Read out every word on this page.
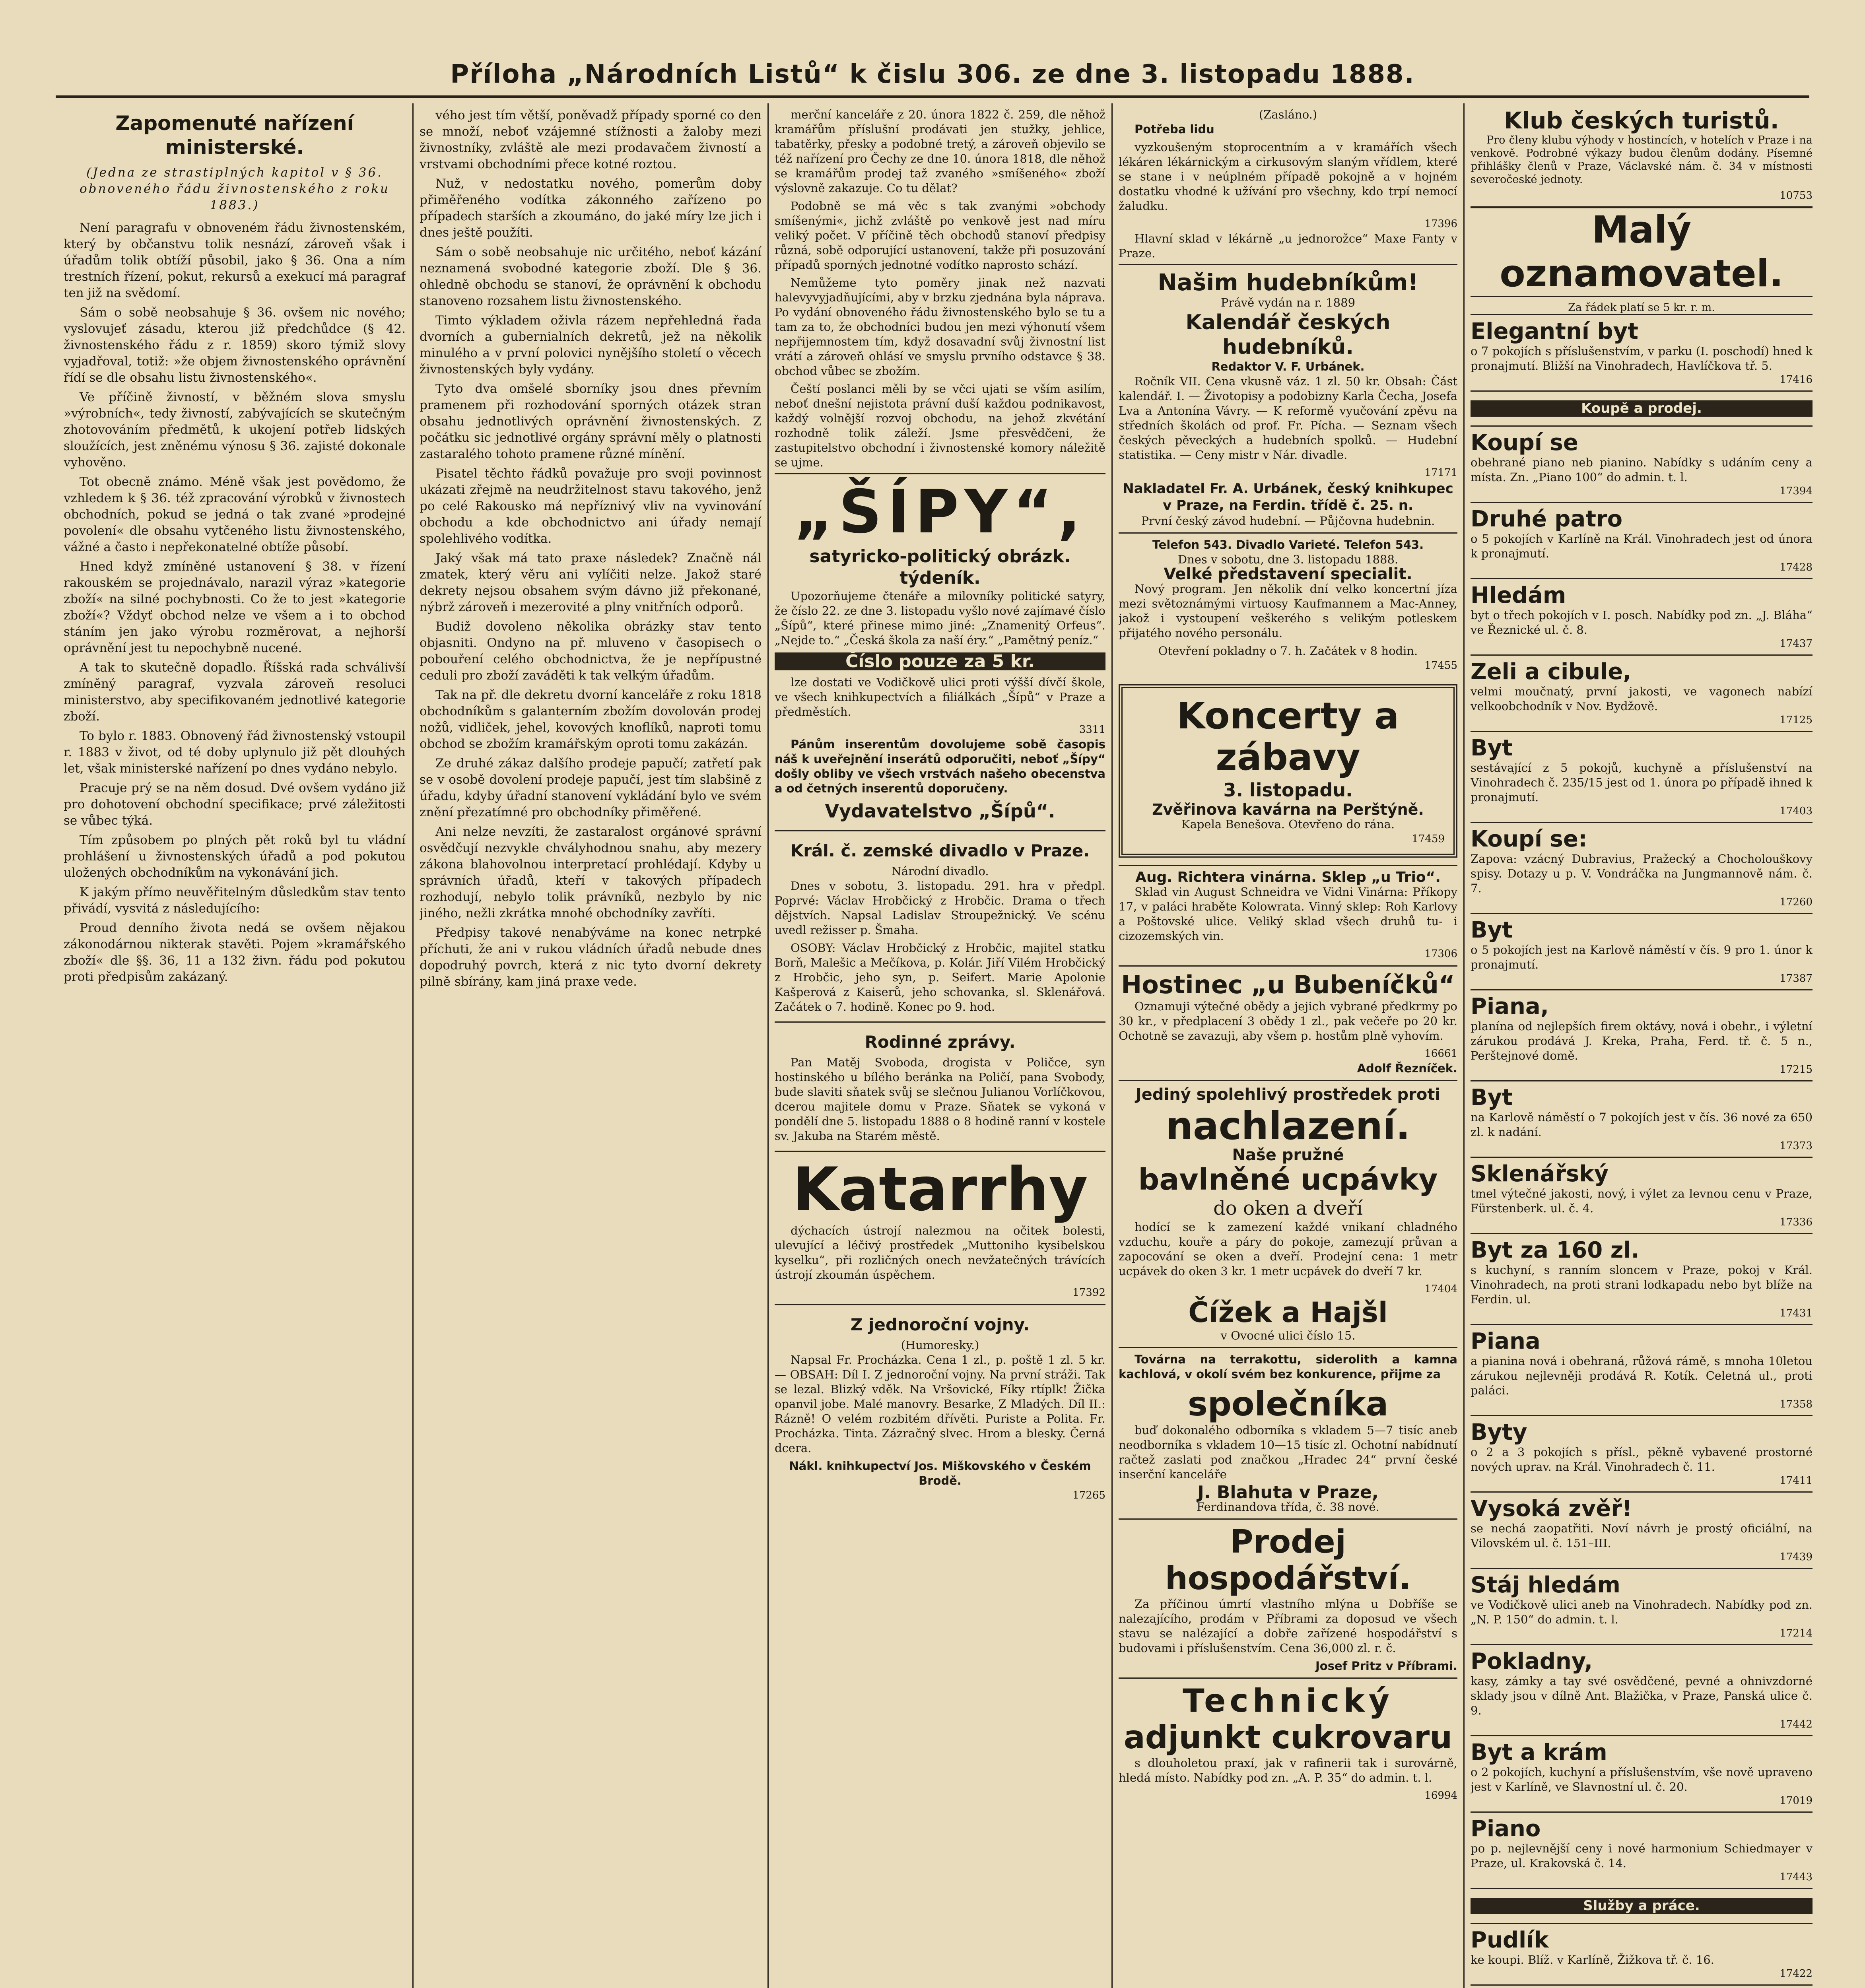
Příloha „Národních Listů“ k čislu 306. ze dne 3. listopadu 1888.
Zapomenuté nařízení ministerské.
(Jedna ze strastiplných kapitol v § 36. obnoveného řádu živnostenského z roku 1883.)

Není paragrafu v obnoveném řádu živnostenském, který by občanstvu tolik nesnází, zároveň však i úřadům tolik obtíží působil, jako § 36. Ona a ním trestních řízení, pokut, rekursů a exekucí má paragraf ten již na svědomí.

Sám o sobě neobsahuje § 36. ovšem nic nového; vyslovujeť zásadu, kterou již předchůdce (§ 42. živnostenského řádu z r. 1859) skoro týmiž slovy vyjadřoval, totiž: »že objem živnostenského oprávnění řídí se dle obsahu listu živnostenského«.

Ve příčině živností, v běžném slova smyslu »výrobních«, tedy živností, zabývajících se skutečným zhotovováním předmětů, k ukojení potřeb lidských sloužících, jest zněnému výnosu § 36. zajisté dokonale vyhověno.

Tot obecně známo. Méně však jest povědomo, že vzhledem k § 36. též zpracování výrobků v živnostech obchodních, pokud se jedná o tak zvané »prodejné povolení« dle obsahu vytčeného listu živnostenského, vážné a často i nepřekonatelné obtíže působí.

Hned když zmíněné ustanovení § 38. v řízení rakouském se projednávalo, narazil výraz »kategorie zboží« na silné pochybnosti. Co že to jest »kategorie zboží«? Vždyť obchod nelze ve všem a i to obchod stáním jen jako výrobu rozměrovat, a nejhorší oprávnění jest tu nepochybně nucené.

A tak to skutečně dopadlo. Říšská rada schválivší zmíněný paragraf, vyzvala zároveň resoluci ministerstvo, aby specifikovaném jednotlivé kategorie zboží.

To bylo r. 1883. Obnovený řád živnostenský vstoupil r. 1883 v život, od té doby uplynulo již pět dlouhých let, však ministerské nařízení po dnes vydáno nebylo.

Pracuje prý se na něm dosud. Dvé ovšem vydáno již pro dohotovení obchodní specifikace; prvé záležitosti se vůbec týká.

Tím způsobem po plných pět roků byl tu vládní prohlášení u živnostenských úřadů a pod pokutou uložených obchodníkům na vykonávání jich.

K jakým přímo neuvěřitelným důsledkům stav tento přivádí, vysvitá z následujícího:

Proud denního života nedá se ovšem nějakou zákonodárnou nikterak stavěti. Pojem »kramářského zboží« dle §§. 36, 11 a 132 živn. řádu pod pokutou proti předpisům zakázaný.

vého jest tím větší, poněvadž případy sporné co den se množí, neboť vzájemné stížnosti a žaloby mezi živnostníky, zvláště ale mezi prodavačem živností a vrstvami obchodními přece kotné roztou.

Nuž, v nedostatku nového, pomerům doby přiměřeného vodítka zákonného zařízeno po případech starších a zkoumáno, do jaké míry lze jich i dnes ještě použíti.

Sám o sobě neobsahuje nic určitého, neboť kázání neznamená svobodné kategorie zboží. Dle § 36. ohledně obchodu se stanoví, že oprávnění k obchodu stanoveno rozsahem listu živnostenského.

Timto výkladem oživla rázem nepřehledná řada dvorních a gubernialních dekretů, jež na několik minulého a v první polovici nynějšího století o věcech živnostenských byly vydány.

Tyto dva omšelé sborníky jsou dnes převním pramenem při rozhodování sporných otázek stran obsahu jednotlivých oprávnění živnostenských. Z počátku sic jednotlivé orgány správní měly o platnosti zastaralého tohoto pramene různé mínění.

Pisatel těchto řádků považuje pro svoji povinnost ukázati zřejmě na neudržitelnost stavu takového, jenž po celé Rakousko má nepříznivý vliv na vyvinování obchodu a kde obchodnictvo ani úřady nemají spolehlivého vodítka.

Jaký však má tato praxe následek? Značně nál zmatek, který věru ani vylíčiti nelze. Jakož staré dekrety nejsou obsahem svým dávno již překonané, nýbrž zároveň i mezerovité a plny vnitřních odporů.

Budiž dovoleno několika obrázky stav tento objasniti. Ondyno na př. mluveno v časopisech o pobouření celého obchodnictva, že je nepřípustné ceduli pro zboží zaváděti k tak velkým úřadům.

Tak na př. dle dekretu dvorní kanceláře z roku 1818 obchodníkům s galanterním zbožím dovolován prodej nožů, vidliček, jehel, kovových knoflíků, naproti tomu obchod se zbožím kramářským oproti tomu zakázán.

Ze druhé zákaz dalšího prodeje papučí; zatřetí pak se v osobě dovolení prodeje papučí, jest tím slabšině z úřadu, kdyby úřadní stanovení vykládání bylo ve svém znění přezatímné pro obchodníky přiměřené.

Ani nelze nevzíti, že zastaralost orgánové správní osvědčují nezvykle chvályhodnou snahu, aby mezery zákona blahovolnou interpretací prohlédají. Kdyby u správních úřadů, kteří v takových případech rozhodují, nebylo tolik právníků, nezbylo by nic jiného, nežli zkrátka mnohé obchodníky zavříti.

Předpisy takové nenabýváme na konec netrpké příchuti, že ani v rukou vládních úřadů nebude dnes dopodruhý povrch, která z nic tyto dvorní dekrety pilně sbírány, kam jiná praxe vede.

merční kanceláře z 20. února 1822 č. 259, dle něhož kramářům příslušní prodávati jen stužky, jehlice, tabatěrky, přesky a podobné tretý, a zároveň objevilo se též nařízení pro Čechy ze dne 10. února 1818, dle něhož se kramářům prodej taž zvaného »smíšeného« zboží výslovně zakazuje. Co tu dělat?

Podobně se má věc s tak zvanými »obchody smíšenými«, jichž zvláště po venkově jest nad míru veliký počet. V příčině těch obchodů stanoví předpisy různá, sobě odporující ustanovení, takže při posuzování případů sporných jednotné vodítko naprosto schází.

Nemůžeme tyto poměry jinak než nazvati halevyvyjadňujícími, aby v brzku zjednána byla náprava. Po vydání obnoveného řádu živnostenského bylo se tu a tam za to, že obchodníci budou jen mezi výhonutí všem nepřijemnostem tím, když dosavadní svůj živnostní list vrátí a zároveň ohlásí ve smyslu prvního odstavce § 38. obchod vůbec se zbožím.

Čeští poslanci měli by se včci ujati se vším asilím, neboť dnešní nejistota právní duší každou podnikavost, každý volnější rozvoj obchodu, na jehož zkvétání rozhodně tolik záleží. Jsme přesvědčeni, že zastupitelstvo obchodní i živnostenské komory náležitě se ujme.

„ŠÍPY“,
satyricko-politický obrázk. týdeník.

Upozorňujeme čtenáře a milovníky politické satyry, že číslo 22. ze dne 3. listopadu vyšlo nové zajímavé číslo „Šípů“, které přinese mimo jiné: „Znamenitý Orfeus“. „Nejde to.“ „Česká škola za naší éry.“ „Pamětný peníz.“

Číslo pouze za 5 kr.

lze dostati ve Vodičkově ulici proti výšší dívčí škole, ve všech knihkupectvích a filiálkách „Šípů“ v Praze a předměstích.

3311

Pánům inserentům dovolujeme sobě časopis náš k uveřejnění inserátů odporučiti, neboť „Šípy“ došly obliby ve všech vrstvách našeho obecenstva a od četných inserentů doporučeny.

Vydavatelstvo „Šípů“.
Král. č. zemské divadlo v Praze.
Národní divadlo.

Dnes v sobotu, 3. listopadu. 291. hra v předpl. Poprvé: Václav Hrobčický z Hrobčic. Drama o třech dějstvích. Napsal Ladislav Stroupežnický. Ve scénu uvedl režisser p. Šmaha.

OSOBY: Václav Hrobčický z Hrobčic, majitel statku Borň, Malešic a Mečíkova, p. Kolár. Jiří Vilém Hrobčický z Hrobčic, jeho syn, p. Seifert. Marie Apolonie Kašperová z Kaiserů, jeho schovanka, sl. Sklenářová. Začátek o 7. hodině. Konec po 9. hod.

Rodinné zprávy.

Pan Matěj Svoboda, drogista v Poličce, syn hostinského u bílého beránka na Poličí, pana Svobody, bude slaviti sňatek svůj se slečnou Julianou Vorlíčkovou, dcerou majitele domu v Praze. Sňatek se vykoná v pondělí dne 5. listopadu 1888 o 8 hodině ranní v kostele sv. Jakuba na Starém městě.

Katarrhy

dýchacích ústrojí nalezmou na očitek bolesti, ulevující a léčivý prostředek „Muttoniho kysibelskou kyselku“, při rozličných onech nevžatečných trávících ústrojí zkoumán úspěchem.

17392
Z jednoroční vojny.
(Humoresky.)

Napsal Fr. Procházka. Cena 1 zl., p. poště 1 zl. 5 kr. — OBSAH: Díl I. Z jednoroční vojny. Na první stráži. Tak se lezal. Blizký vděk. Na Vršovické, Fíky rtíplk! Žička opanvil jobe. Malé manovry. Besarke, Z Mladých. Díl II.: Rázně! O velém rozbitém dřívěti. Puriste a Polita. Fr. Procházka. Tinta. Zázračný slvec. Hrom a blesky. Černá dcera.

Nákl. knihkupectví Jos. Miškovského v Českém Brodě.
17265
(Zasláno.)

Potřeba lidu

vyzkoušeným stoprocentním a v kramářích všech lékáren lékárnickým a cirkusovým slaným vřídlem, které se stane i v neúplném případě pokojně a v hojném dostatku vhodné k užívání pro všechny, kdo trpí nemocí žaludku.

17396

Hlavní sklad v lékárně „u jednorožce“ Maxe Fanty v Praze.

Našim hudebníkům!
Právě vydán na r. 1889
Kalendář českých hudebníků.
Redaktor V. F. Urbánek.

Ročník VII. Cena vkusně váz. 1 zl. 50 kr. Obsah: Část kalendář. I. — Životopisy a podobizny Karla Čecha, Josefa Lva a Antonína Vávry. — K reformě vyučování zpěvu na středních školách od prof. Fr. Pícha. — Seznam všech českých pěveckých a hudebních spolků. — Hudební statistika. — Ceny mistr v Nár. divadle.

17171
Nakladatel Fr. A. Urbánek, český knihkupec v Praze, na Ferdin. třídě č. 25. n.
První český závod hudební. — Půjčovna hudebnin.
Telefon 543. Divadlo Varieté. Telefon 543.
Dnes v sobotu, dne 3. listopadu 1888.
Velké představení specialit.

Nový program. Jen několik dní velko koncertní jíza mezi světoznámými virtuosy Kaufmannem a Mac-Anney, jakož i vystoupení veškerého s velikým potleskem přijatého nového personálu.

Otevření pokladny o 7. h. Začátek v 8 hodin.
17455
Koncerty a zábavy
3. listopadu.
Zvěřinova kavárna na Perštýně.
Kapela Benešova. Otevřeno do rána.
17459
Aug. Richtera vinárna. Sklep „u Trio“.

Sklad vin August Schneidra ve Vidni Vinárna: Příkopy 17, v paláci hraběte Kolowrata. Vinný sklep: Roh Karlovy a Poštovské ulice. Veliký sklad všech druhů tu- i cizozemských vin.

17306
Hostinec „u Bubeníčků“

Oznamuji výtečné obědy a jejich vybrané předkrmy po 30 kr., v předplacení 3 obědy 1 zl., pak večeře po 20 kr. Ochotně se zavazuji, aby všem p. hostům plně vyhovím.

16661
Adolf Řezníček.
Jediný spolehlivý prostředek proti
nachlazení.
Naše pružné
bavlněné ucpávky
do oken a dveří

hodící se k zamezení každé vnikaní chladného vzduchu, kouře a páry do pokoje, zamezují průvan a zapocování se oken a dveří. Prodejní cena: 1 metr ucpávek do oken 3 kr. 1 metr ucpávek do dveří 7 kr.

17404
Čížek a Hajšl
v Ovocné ulici číslo 15.

Továrna na terrakottu, siderolith a kamna kachlová, v okolí svém bez konkurence, přijme za

společníka

buď dokonalého odborníka s vkladem 5—7 tisíc aneb neodborníka s vkladem 10—15 tisíc zl. Ochotní nabídnutí račtež zaslati pod značkou „Hradec 24“ první české inserční kanceláře

J. Blahuta v Praze,
Ferdinandova třída, č. 38 nové.
Prodej hospodářství.

Za příčinou úmrtí vlastního mlýna u Dobříše se nalezajícího, prodám v Příbrami za doposud ve všech stavu se nalézající a dobře zařízené hospodářství s budovami i příslušenstvím. Cena 36,000 zl. r. č.

Josef Pritz v Příbrami.
Technický
adjunkt cukrovaru

s dlouholetou praxí, jak v rafinerii tak i surovárně, hledá místo. Nabídky pod zn. „A. P. 35“ do admin. t. l.

16994
Klub českých turistů.

Pro členy klubu výhody v hostincích, v hotelích v Praze i na venkově. Podrobné výkazy budou členům dodány. Písemné přihlášky členů v Praze, Václavské nám. č. 34 v místnosti severočeské jednoty.

10753
Malý oznamovatel.
Za řádek platí se 5 kr. r. m.
Elegantní byt
o 7 pokojích s příslušenstvím, v parku (I. poschodí) hned k pronajmutí. Bližší na Vinohradech, Havlíčkova tř. 5.
17416
Koupě a prodej.
Koupí se
obehrané piano neb pianino. Nabídky s udáním ceny a místa. Zn. „Piano 100“ do admin. t. l.
17394
Druhé patro
o 5 pokojích v Karlíně na Král. Vinohradech jest od února k pronajmutí.
17428
Hledám
byt o třech pokojích v I. posch. Nabídky pod zn. „J. Bláha“ ve Řeznické ul. č. 8.
17437
Zeli a cibule,
velmi moučnatý, první jakosti, ve vagonech nabízí velkoobchodník v Nov. Bydžově.
17125
Byt
sestávající z 5 pokojů, kuchyně a příslušenství na Vinohradech č. 235/15 jest od 1. února po případě ihned k pronajmutí.
17403
Koupí se:
Zapova: vzácný Dubravius, Pražecký a Chocholouškovy spisy. Dotazy u p. V. Vondráčka na Jungmannově nám. č. 7.
17260
Byt
o 5 pokojích jest na Karlově náměstí v čís. 9 pro 1. únor k pronajmutí.
17387
Piana,
planína od nejlepších firem oktávy, nová i obehr., i výletní zárukou prodává J. Kreka, Praha, Ferd. tř. č. 5 n., Perštejnové domě.
17215
Byt
na Karlově náměstí o 7 pokojích jest v čís. 36 nové za 650 zl. k nadání.
17373
Sklenářský
tmel výtečné jakosti, nový, i výlet za levnou cenu v Praze, Fürstenberk. ul. č. 4.
17336
Byt za 160 zl.
s kuchyní, s ranním sloncem v Praze, pokoj v Král. Vinohradech, na proti strani lodkapadu nebo byt blíže na Ferdin. ul.
17431
Piana
a pianina nová i obehraná, růžová rámě, s mnoha 10letou zárukou nejlevněji prodává R. Kotík. Celetná ul., proti paláci.
17358
Byty
o 2 a 3 pokojích s přísl., pěkně vybavené prostorné nových uprav. na Král. Vinohradech č. 11.
17411
Vysoká zvěř!
se nechá zaopatřiti. Noví návrh je prostý oficiální, na Vilovském ul. č. 151–III.
17439
Stáj hledám
ve Vodičkově ulici aneb na Vinohradech. Nabídky pod zn. „N. P. 150“ do admin. t. l.
17214
Pokladny,
kasy, zámky a tay své osvědčené, pevné a ohnivzdorné sklady jsou v dílně Ant. Blažička, v Praze, Panská ulice č. 9.
17442
Byt a krám
o 2 pokojích, kuchyní a příslušenstvím, vše nově upraveno jest v Karlíně, ve Slavnostní ul. č. 20.
17019
Piano
po p. nejlevnější ceny i nové harmonium Schiedmayer v Praze, ul. Krakovská č. 14.
17443
Služby a práce.
Pudlík
ke koupi. Blíž. v Karlíně, Žižkova tř. č. 16.
17422
